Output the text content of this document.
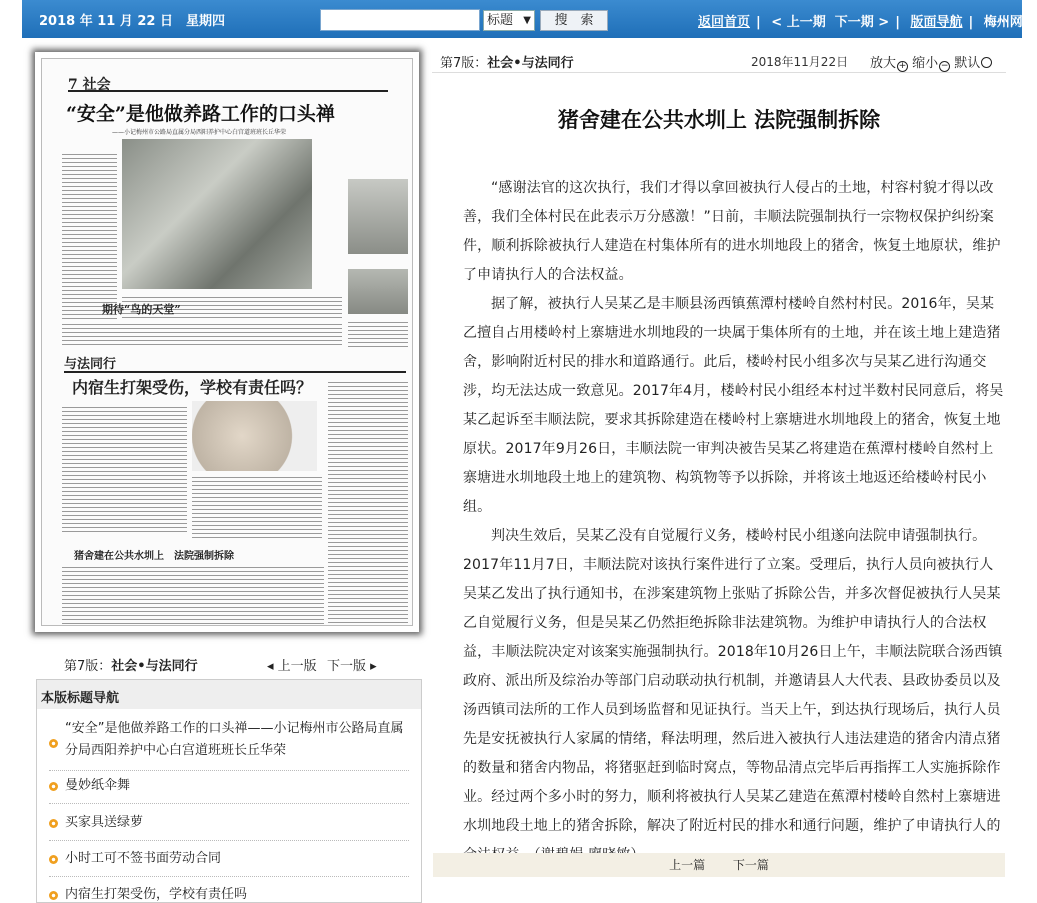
2018 年 11 月 22 日　星期四	标题 ▼	搜　索	返回首页 | < 上一期 下一期 > | 版面导航 | 梅州网
7 社会
“安全”是他做养路工作的口头禅
——小记梅州市公路局直属分局西阳养护中心白宫道班班长丘华荣
期待“鸟的天堂”
与法同行
内宿生打架受伤，学校有责任吗？
猪舍建在公共水圳上　法院强制拆除
第7版：社会•与法同行	◂ 上一版 下一版 ▸
本版标题导航
“安全”是他做养路工作的口头禅——小记梅州市公路局直属分局西阳养护中心白宫道班班长丘华荣
曼妙纸伞舞
买家具送绿萝
小时工可不签书面劳动合同
内宿生打架受伤，学校有责任吗
第7版：社会•与法同行	2018年11月22日 放大 + 缩小 − 默认
猪舍建在公共水圳上 法院强制拆除

“感谢法官的这次执行，我们才得以拿回被执行人侵占的土地，村容村貌才得以改善，我们全体村民在此表示万分感激！”日前，丰顺法院强制执行一宗物权保护纠纷案件，顺利拆除被执行人建造在村集体所有的进水圳地段上的猪舍，恢复土地原状，维护了申请执行人的合法权益。

据了解，被执行人吴某乙是丰顺县汤西镇蕉潭村楼岭自然村村民。2016年，吴某乙擅自占用楼岭村上寨塘进水圳地段的一块属于集体所有的土地，并在该土地上建造猪舍，影响附近村民的排水和道路通行。此后，楼岭村民小组多次与吴某乙进行沟通交涉，均无法达成一致意见。2017年4月，楼岭村民小组经本村过半数村民同意后，将吴某乙起诉至丰顺法院，要求其拆除建造在楼岭村上寨塘进水圳地段上的猪舍，恢复土地原状。2017年9月26日，丰顺法院一审判决被告吴某乙将建造在蕉潭村楼岭自然村上寨塘进水圳地段土地上的建筑物、构筑物等予以拆除，并将该土地返还给楼岭村民小组。

判决生效后，吴某乙没有自觉履行义务，楼岭村民小组遂向法院申请强制执行。2017年11月7日，丰顺法院对该执行案件进行了立案。受理后，执行人员向被执行人吴某乙发出了执行通知书，在涉案建筑物上张贴了拆除公告，并多次督促被执行人吴某乙自觉履行义务，但是吴某乙仍然拒绝拆除非法建筑物。为维护申请执行人的合法权益，丰顺法院决定对该案实施强制执行。2018年10月26日上午，丰顺法院联合汤西镇政府、派出所及综治办等部门启动联动执行机制，并邀请县人大代表、县政协委员以及汤西镇司法所的工作人员到场监督和见证执行。当天上午，到达执行现场后，执行人员先是安抚被执行人家属的情绪，释法明理，然后进入被执行人违法建造的猪舍内清点猪的数量和猪舍内物品，将猪驱赶到临时窝点，等物品清点完毕后再指挥工人实施拆除作业。经过两个多小时的努力，顺利将被执行人吴某乙建造在蕉潭村楼岭自然村上寨塘进水圳地段土地上的猪舍拆除，解决了附近村民的排水和通行问题，维护了申请执行人的

上一篇 下一篇
